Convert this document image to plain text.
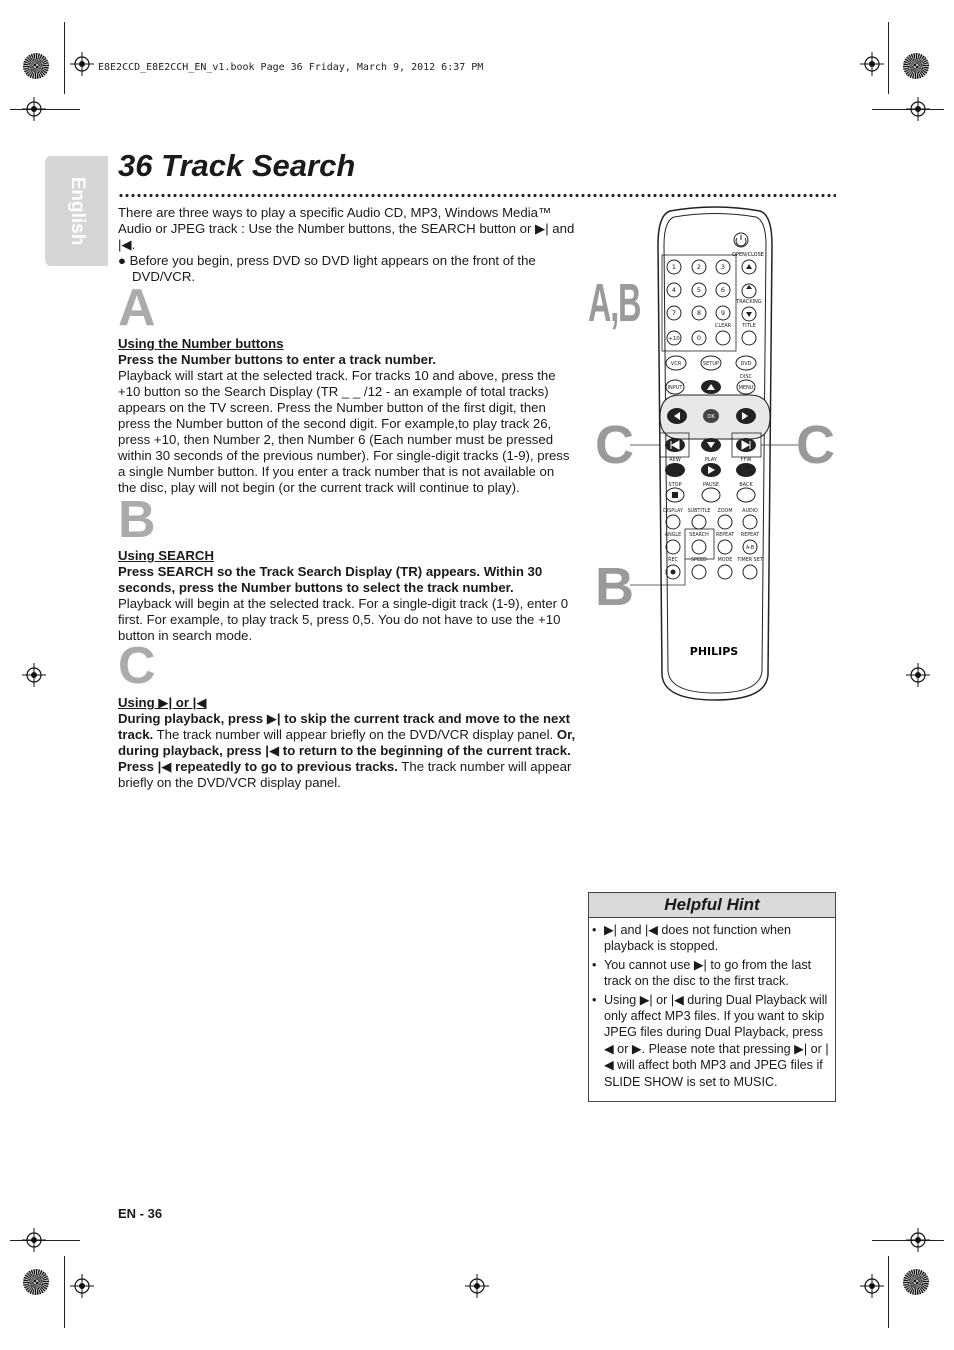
E8E2CCD_E8E2CCH_EN_v1.book Page 36 Friday, March 9, 2012 6:37 PM
English
36 Track Search
There are three ways to play a specific Audio CD, MP3, Windows Media™ Audio or JPEG track : Use the Number buttons, the SEARCH button or ▶| and |◀.
● Before you begin, press DVD so DVD light appears on the front of the DVD/VCR.
A
Using the Number buttons
Press the Number buttons to enter a track number.
Playback will start at the selected track. For tracks 10 and above, press the +10 button so the Search Display (TR _ _ /12 - an example of total tracks) appears on the TV screen. Press the Number button of the first digit, then press the Number button of the second digit. For example,to play track 26, press +10, then Number 2, then Number 6 (Each number must be pressed within 30 seconds of the previous number). For single-digit tracks (1-9), press a single Number button. If you enter a track number that is not available on the disc, play will not begin (or the current track will continue to play).
B
Using SEARCH
Press SEARCH so the Track Search Display (TR) appears. Within 30 seconds, press the Number buttons to select the track number.
Playback will begin at the selected track. For a single-digit track (1-9), enter 0 first. For example, to play track 5, press 0,5. You do not have to use the +10 button in search mode.
C
Using ▶| or |◀
During playback, press ▶| to skip the current track and move to the next track. The track number will appear briefly on the DVD/VCR display panel. Or, during playback, press |◀ to return to the beginning of the current track. Press |◀ repeatedly to go to previous tracks. The track number will appear briefly on the DVD/VCR display panel.
A,B
C	C
B
OPEN/CLOSE
1	2	3
4	5	6
7	8	9
+10	0
TRACKING
CLEAR TITLE
VCR	SETUP	DVD
DISC
INPUT	MENU
OK
REW	PLAY	FFW
STOP	PAUSE	BACK
DISPLAY SUBTITLE ZOOM AUDIO
ANGLE SEARCH REPEAT REPEAT
A-B
REC	SPEED MODE TIMER SET
PHILIPS
Helpful Hint
• ▶| and |◀ does not function when playback is stopped.
• You cannot use ▶| to go from the last track on the disc to the first track.
• Using ▶| or |◀ during Dual Playback will only affect MP3 files. If you want to skip JPEG files during Dual Playback, press ◀ or ▶. Please note that pressing ▶| or |◀ will affect both MP3 and JPEG files if SLIDE SHOW is set to MUSIC.
EN - 36
